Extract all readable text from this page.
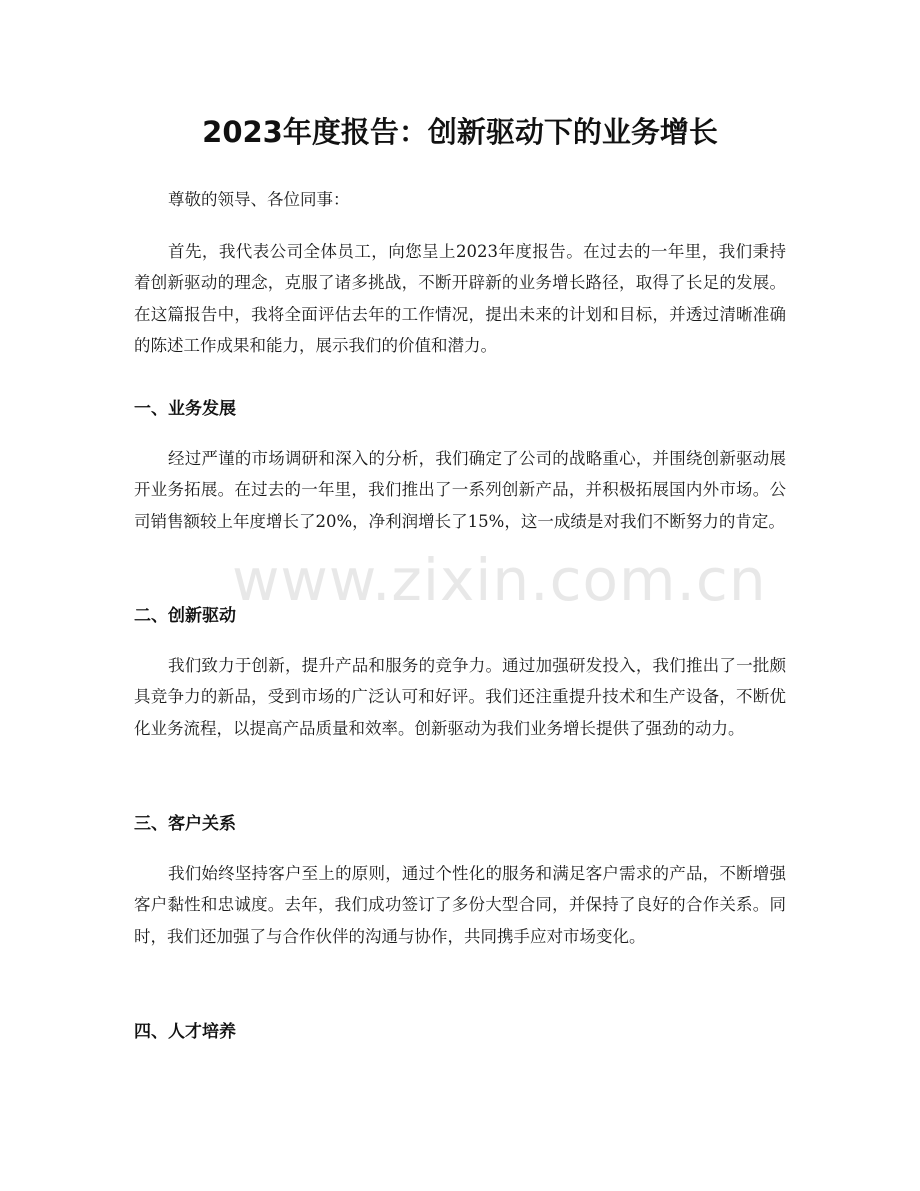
2023年度报告：创新驱动下的业务增长

尊敬的领导、各位同事：

首先，我代表公司全体员工，向您呈上2023年度报告。在过去的一年里，我们秉持着创新驱动的理念，克服了诸多挑战，不断开辟新的业务增长路径，取得了长足的发展。在这篇报告中，我将全面评估去年的工作情况，提出未来的计划和目标，并透过清晰准确的陈述工作成果和能力，展示我们的价值和潜力。

一、业务发展

经过严谨的市场调研和深入的分析，我们确定了公司的战略重心，并围绕创新驱动展开业务拓展。在过去的一年里，我们推出了一系列创新产品，并积极拓展国内外市场。公司销售额较上年度增长了20%，净利润增长了15%，这一成绩是对我们不断努力的肯定。

二、创新驱动

我们致力于创新，提升产品和服务的竞争力。通过加强研发投入，我们推出了一批颇具竞争力的新品，受到市场的广泛认可和好评。我们还注重提升技术和生产设备，不断优化业务流程，以提高产品质量和效率。创新驱动为我们业务增长提供了强劲的动力。

三、客户关系

我们始终坚持客户至上的原则，通过个性化的服务和满足客户需求的产品，不断增强客户黏性和忠诚度。去年，我们成功签订了多份大型合同，并保持了良好的合作关系。同时，我们还加强了与合作伙伴的沟通与协作，共同携手应对市场变化。

四、人才培养
www.zixin.com.cn
